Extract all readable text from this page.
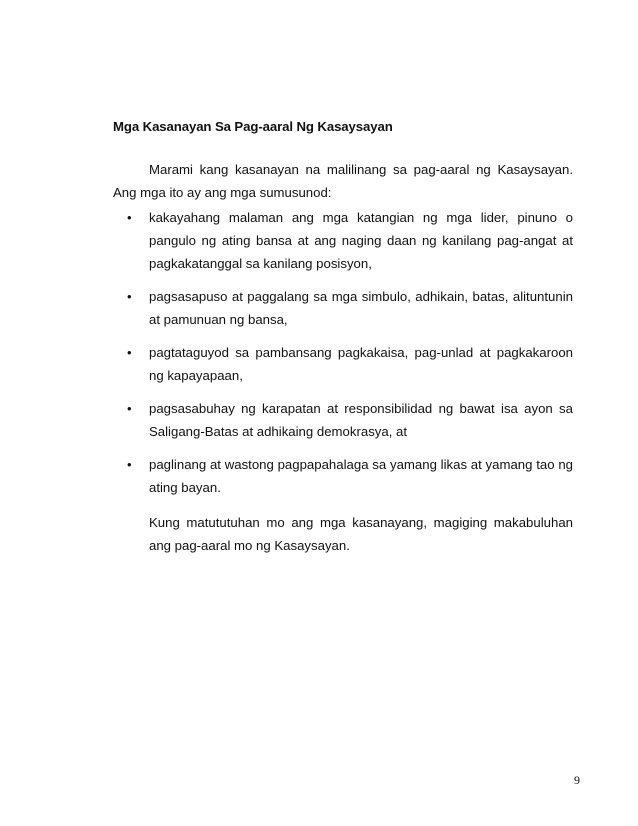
Mga Kasanayan Sa Pag-aaral Ng Kasaysayan

Marami kang kasanayan na malilinang sa pag-aaral ng Kasaysayan. Ang mga ito ay ang mga sumusunod:

• kakayahang malaman ang mga katangian ng mga lider, pinuno o pangulo ng ating bansa at ang naging daan ng kanilang pag-angat at pagkakatanggal sa kanilang posisyon,
• pagsasapuso at paggalang sa mga simbulo, adhikain, batas, alituntunin at pamunuan ng bansa,
• pagtataguyod sa pambansang pagkakaisa, pag-unlad at pagkakaroon ng kapayapaan,
• pagsasabuhay ng karapatan at responsibilidad ng bawat isa ayon sa Saligang-Batas at adhikaing demokrasya, at
• paglinang at wastong pagpapahalaga sa yamang likas at yamang tao ng ating bayan.

Kung matututuhan mo ang mga kasanayang, magiging makabuluhan ang pag-aaral mo ng Kasaysayan.

9
